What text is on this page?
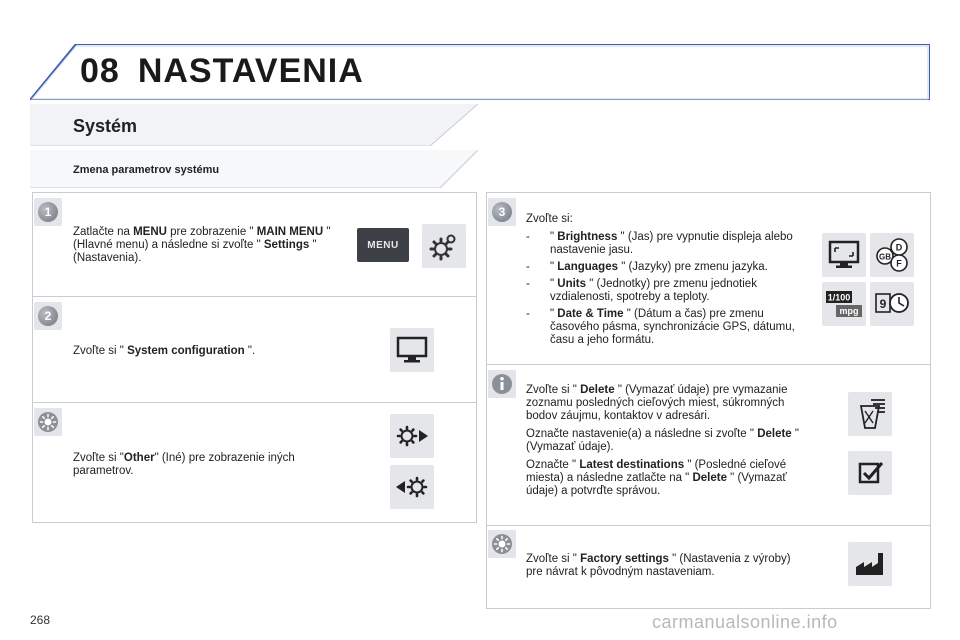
08 NASTAVENIA
Systém
Zmena parametrov systému
1
Zatlačte na MENU pre zobrazenie " MAIN MENU " (Hlavné menu) a následne si zvoľte " Settings " (Nastavenia).
MENU
2
Zvoľte si " System configuration ".
Zvoľte si "Other" (Iné) pre zobrazenie iných parametrov.
3	Zvoľte si:
- " Brightness " (Jas) pre vypnutie displeja alebo nastavenie jasu.
- " Languages " (Jazyky) pre zmenu jazyka.
- " Units " (Jednotky) pre zmenu jednotiek vzdialenosti, spotreby a teploty.
- " Date & Time " (Dátum a čas) pre zmenu časového pásma, synchronizácie GPS, dátumu, času a jeho formátu.
D
GB
F
1/100
mpg 9
Zvoľte si " Delete " (Vymazať údaje) pre vymazanie zoznamu posledných cieľových miest, súkromných bodov záujmu, kontaktov v adresári.
Označte nastavenie(a) a následne si zvoľte " Delete " (Vymazať údaje).
Označte " Latest destinations " (Posledné cieľové miesta) a následne zatlačte na " Delete " (Vymazať údaje) a potvrďte správou.
Zvoľte si " Factory settings " (Nastavenia z výroby) pre návrat k pôvodným nastaveniam.
268	carmanualsonline.info
